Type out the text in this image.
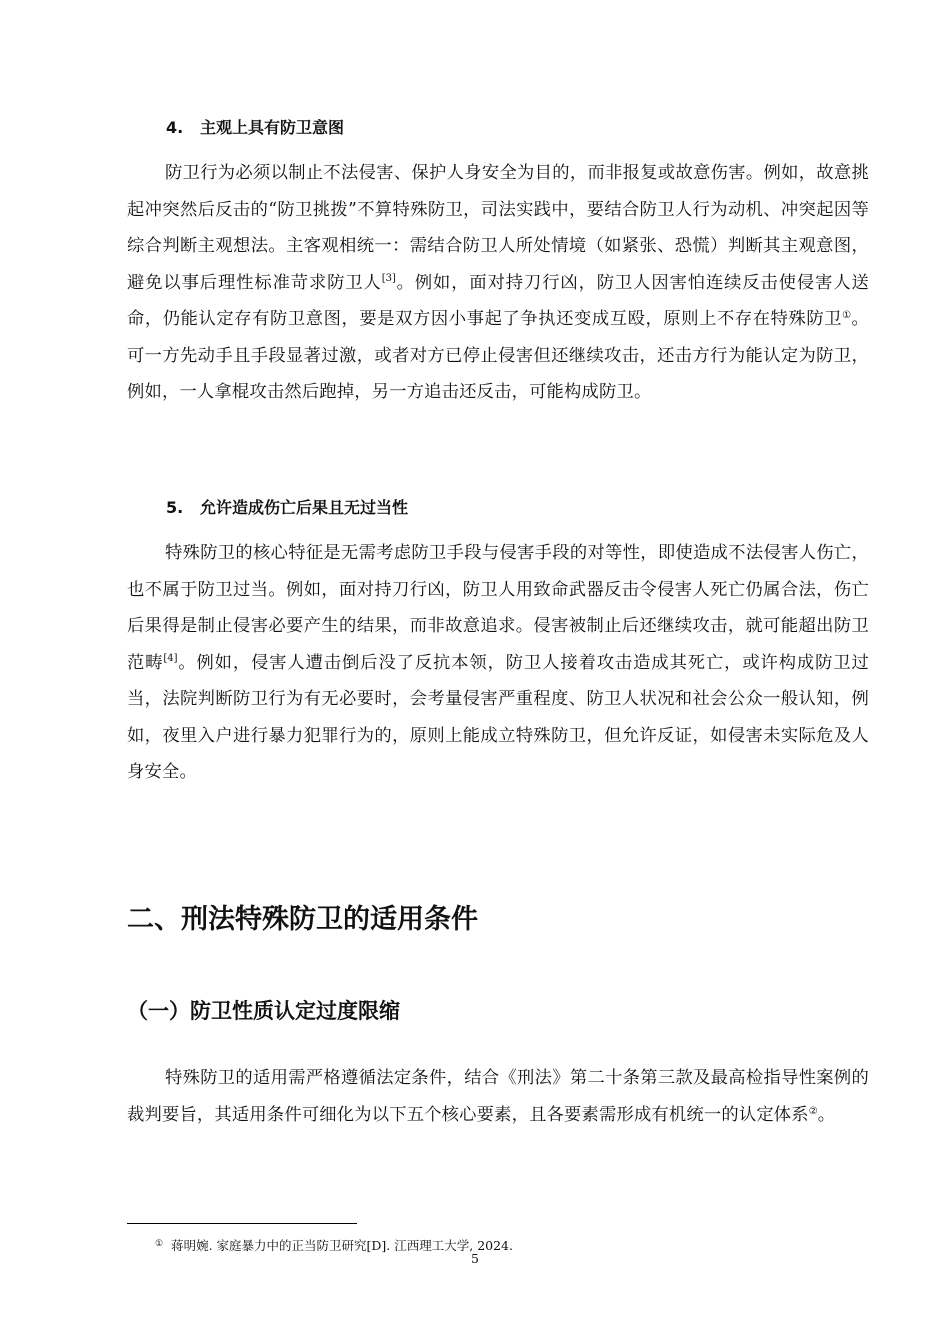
4. 主观上具有防卫意图

防卫行为必须以制止不法侵害、保护人身安全为目的，而非报复或故意伤害。例如，故意挑起冲突然后反击的“防卫挑拨”不算特殊防卫，司法实践中，要结合防卫人行为动机、冲突起因等综合判断主观想法。主客观相统一：需结合防卫人所处情境（如紧张、恐慌）判断其主观意图，避免以事后理性标准苛求防卫人[3]。例如，面对持刀行凶，防卫人因害怕连续反击使侵害人送命，仍能认定存有防卫意图，要是双方因小事起了争执还变成互殴，原则上不存在特殊防卫①。可一方先动手且手段显著过激，或者对方已停止侵害但还继续攻击，还击方行为能认定为防卫，例如，一人拿棍攻击然后跑掉，另一方追击还反击，可能构成防卫。

5. 允许造成伤亡后果且无过当性

特殊防卫的核心特征是无需考虑防卫手段与侵害手段的对等性，即使造成不法侵害人伤亡，也不属于防卫过当。例如，面对持刀行凶，防卫人用致命武器反击令侵害人死亡仍属合法，伤亡后果得是制止侵害必要产生的结果，而非故意追求。侵害被制止后还继续攻击，就可能超出防卫范畴[4]。例如，侵害人遭击倒后没了反抗本领，防卫人接着攻击造成其死亡，或许构成防卫过当，法院判断防卫行为有无必要时，会考量侵害严重程度、防卫人状况和社会公众一般认知，例如，夜里入户进行暴力犯罪行为的，原则上能成立特殊防卫，但允许反证，如侵害未实际危及人身安全。

二、刑法特殊防卫的适用条件
（一）防卫性质认定过度限缩

特殊防卫的适用需严格遵循法定条件，结合《刑法》第二十条第三款及最高检指导性案例的裁判要旨，其适用条件可细化为以下五个核心要素，且各要素需形成有机统一的认定体系②。

① 蒋明婉. 家庭暴力中的正当防卫研究[D]. 江西理工大学, 2024.

5
